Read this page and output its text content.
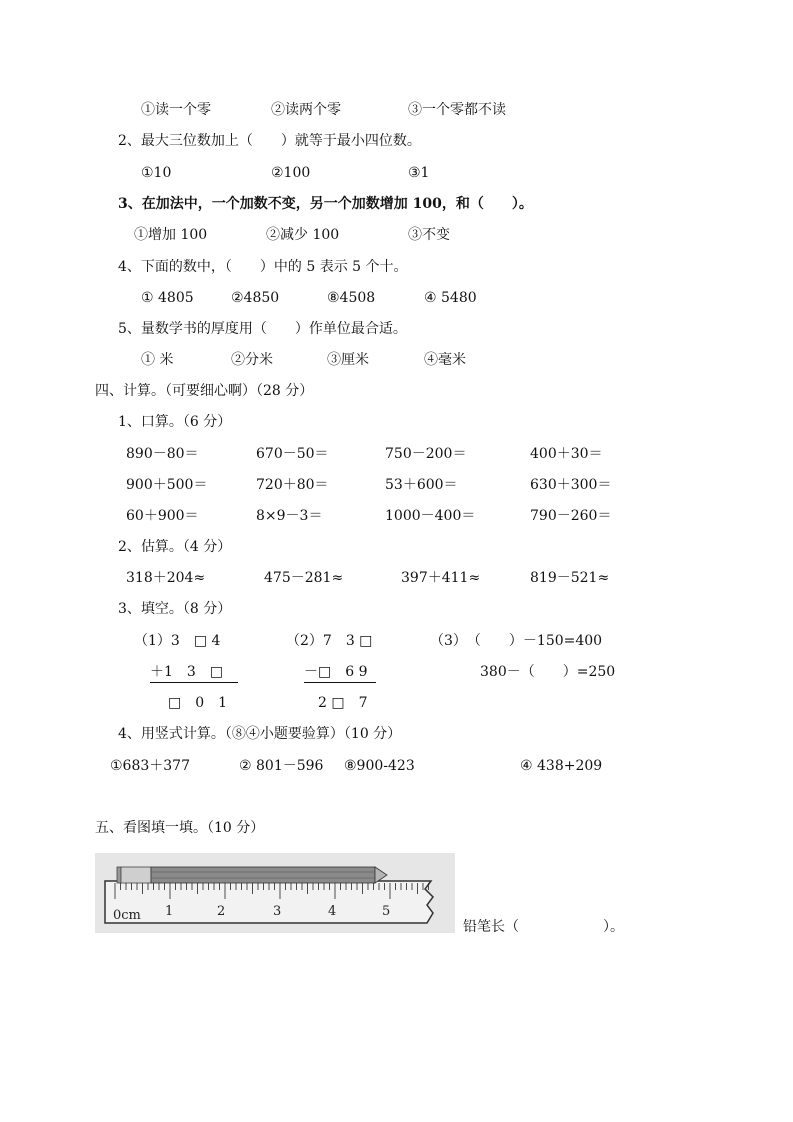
①读一个零	②读两个零	③一个零都不读
2、最大三位数加上（　　）就等于最小四位数。
①10	②100	③1
3、在加法中，一个加数不变，另一个加数增加 100，和（　　）。
①增加 100	②减少 100	③不变
4、下面的数中，（　　）中的 5 表示 5 个十。
① 4805	②4850	⑧4508	④ 5480
5、量数学书的厚度用（　　）作单位最合适。
① 米	②分米	③厘米	④毫米
四、计算。（可要细心啊）（28 分）
1、口算。（6 分）
890－80＝	670－50＝	750－200＝	400＋30＝
900＋500＝	720＋80＝	53＋600＝	630＋300＝
60＋900＝	8×9－3＝	1000－400＝	790－260＝
2、估算。（4 分）
318＋204≈	475－281≈	397＋411≈	819－521≈
3、填空。（8 分）
（1）3　□ 4
＋1　3　□
□　0　1
（2）7　3 □
－□　6 9
2 □　7
（3）　（　　）－150=400
380－（　　）=250
4、用竖式计算。（⑧④小题要验算）（10 分）
①683＋377	② 801－596 ⑧900-423	④ 438+209
五、看图填一填。（10 分）
0cm 1	2	3	4	5
铅笔长（　　　　　　）。
